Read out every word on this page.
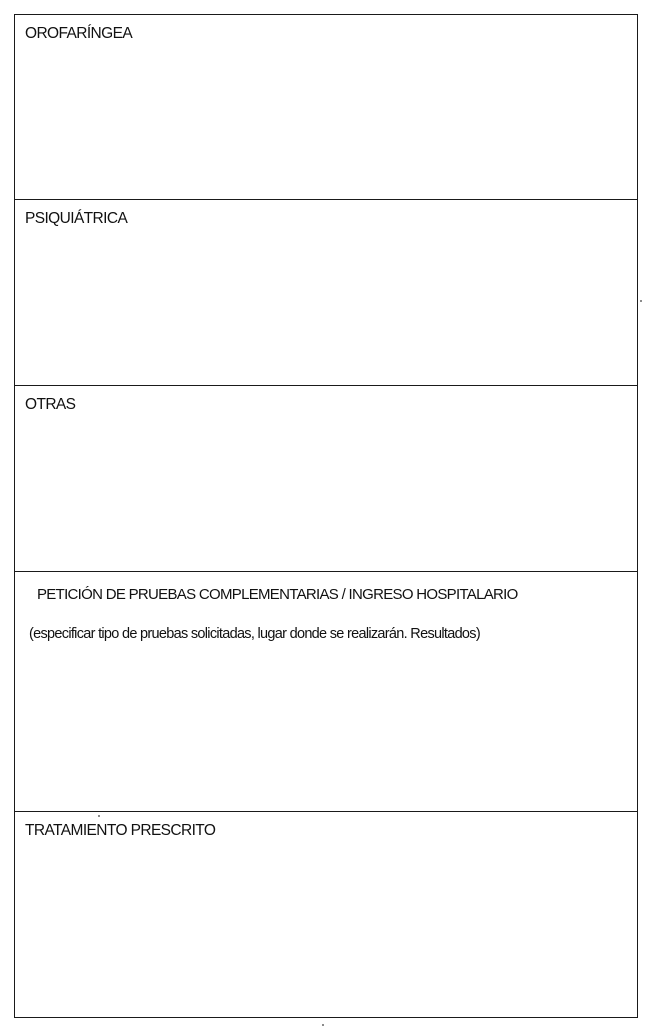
OROFARÍNGEA
PSIQUIÁTRICA
OTRAS
PETICIÓN DE PRUEBAS COMPLEMENTARIAS / INGRESO HOSPITALARIO
(especificar tipo de pruebas solicitadas, lugar donde se realizarán. Resultados)
TRATAMIENTO PRESCRITO
